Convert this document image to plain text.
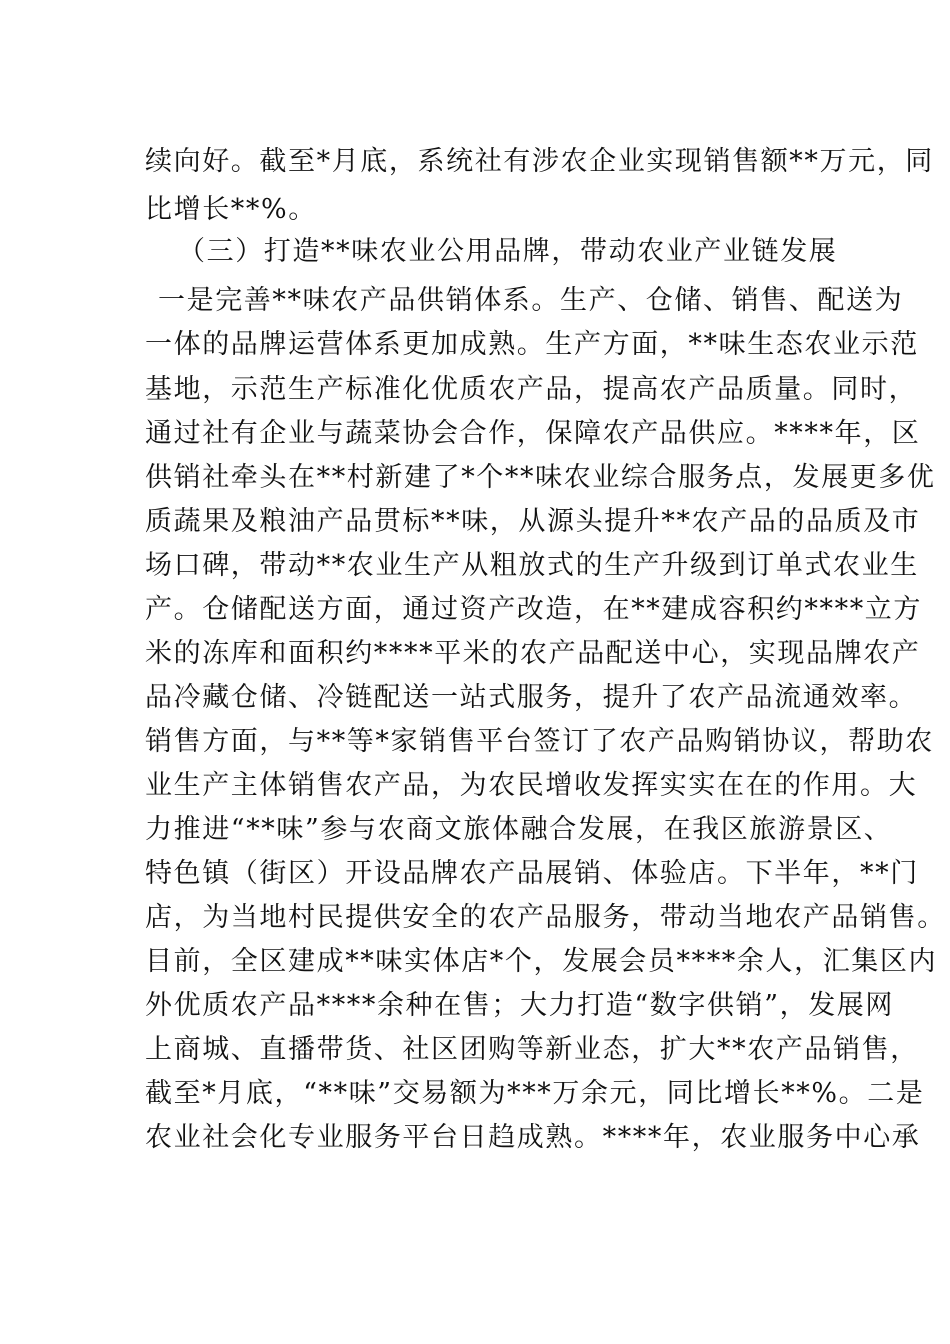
续向好。截至*月底，系统社有涉农企业实现销售额**万元，同
比增长**%。
（三）打造**味农业公用品牌，带动农业产业链发展
一是完善**味农产品供销体系。生产、仓储、销售、配送为
一体的品牌运营体系更加成熟。生产方面，**味生态农业示范
基地，示范生产标准化优质农产品，提高农产品质量。同时，
通过社有企业与蔬菜协会合作，保障农产品供应。****年，区
供销社牵头在**村新建了*个**味农业综合服务点，发展更多优
质蔬果及粮油产品贯标**味，从源头提升**农产品的品质及市
场口碑，带动**农业生产从粗放式的生产升级到订单式农业生
产。仓储配送方面，通过资产改造，在**建成容积约****立方
米的冻库和面积约****平米的农产品配送中心，实现品牌农产
品冷藏仓储、冷链配送一站式服务，提升了农产品流通效率。
销售方面，与**等*家销售平台签订了农产品购销协议，帮助农
业生产主体销售农产品，为农民增收发挥实实在在的作用。大
力推进“**味”参与农商文旅体融合发展，在我区旅游景区、
特色镇（街区）开设品牌农产品展销、体验店。下半年，**门
店，为当地村民提供安全的农产品服务，带动当地农产品销售。
目前，全区建成**味实体店*个，发展会员****余人，汇集区内
外优质农产品****余种在售；大力打造“数字供销”，发展网
上商城、直播带货、社区团购等新业态，扩大**农产品销售，
截至*月底，“**味”交易额为***万余元，同比增长**%。二是
农业社会化专业服务平台日趋成熟。****年，农业服务中心承
